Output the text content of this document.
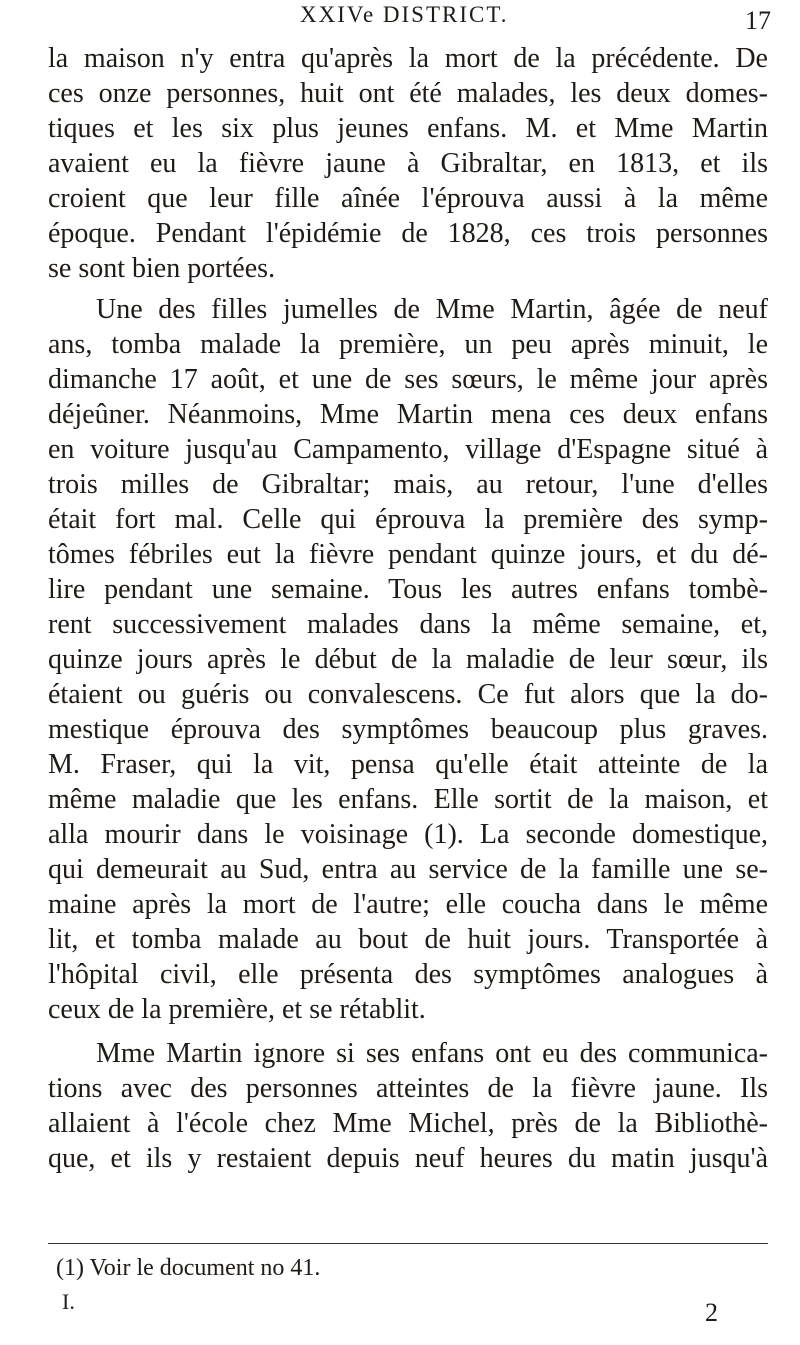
XXIVe DISTRICT.	17
la maison n'y entra qu'après la mort de la précédente. De
ces onze personnes, huit ont été malades, les deux domes-
tiques et les six plus jeunes enfans. M. et Mme Martin
avaient eu la fièvre jaune à Gibraltar, en 1813, et ils
croient que leur fille aînée l'éprouva aussi à la même
époque. Pendant l'épidémie de 1828, ces trois personnes
se sont bien portées.
Une des filles jumelles de Mme Martin, âgée de neuf
ans, tomba malade la première, un peu après minuit, le
dimanche 17 août, et une de ses sœurs, le même jour après
déjeûner. Néanmoins, Mme Martin mena ces deux enfans
en voiture jusqu'au Campamento, village d'Espagne situé à
trois milles de Gibraltar; mais, au retour, l'une d'elles
était fort mal. Celle qui éprouva la première des symp-
tômes fébriles eut la fièvre pendant quinze jours, et du dé-
lire pendant une semaine. Tous les autres enfans tombè-
rent successivement malades dans la même semaine, et,
quinze jours après le début de la maladie de leur sœur, ils
étaient ou guéris ou convalescens. Ce fut alors que la do-
mestique éprouva des symptômes beaucoup plus graves.
M. Fraser, qui la vit, pensa qu'elle était atteinte de la
même maladie que les enfans. Elle sortit de la maison, et
alla mourir dans le voisinage (1). La seconde domestique,
qui demeurait au Sud, entra au service de la famille une se-
maine après la mort de l'autre; elle coucha dans le même
lit, et tomba malade au bout de huit jours. Transportée à
l'hôpital civil, elle présenta des symptômes analogues à
ceux de la première, et se rétablit.
Mme Martin ignore si ses enfans ont eu des communica-
tions avec des personnes atteintes de la fièvre jaune. Ils
allaient à l'école chez Mme Michel, près de la Bibliothè-
que, et ils y restaient depuis neuf heures du matin jusqu'à
(1) Voir le document no 41.
I.	2
